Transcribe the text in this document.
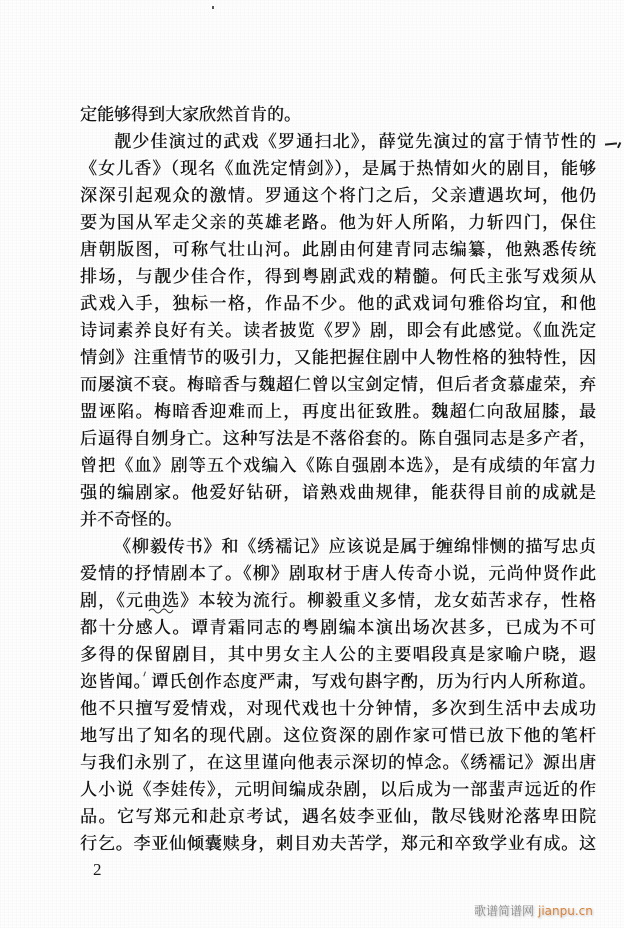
定能够得到大家欣然首肯的。
靓少佳演过的武戏《罗通扫北》，薛觉先演过的富于情节性的
《女儿香》（现名《血洗定情剑》），是属于热情如火的剧目，能够
深深引起观众的激情。罗通这个将门之后，父亲遭遇坎坷，他仍
要为国从军走父亲的英雄老路。他为奸人所陷，力斩四门，保住
唐朝版图，可称气壮山河。此剧由何建青同志编纂，他熟悉传统
排场，与靓少佳合作，得到粤剧武戏的精髓。何氏主张写戏须从
武戏入手，独标一格，作品不少。他的武戏词句雅俗均宜，和他
诗词素养良好有关。读者披览《罗》剧，即会有此感觉。《血洗定
情剑》注重情节的吸引力，又能把握住剧中人物性格的独特性，因
而屡演不衰。梅暗香与魏超仁曾以宝剑定情，但后者贪慕虚荣，弃
盟诬陷。梅暗香迎难而上，再度出征致胜。魏超仁向敌屈膝，最
后逼得自刎身亡。这种写法是不落俗套的。陈自强同志是多产者，
曾把《血》剧等五个戏编入《陈自强剧本选》，是有成绩的年富力
强的编剧家。他爱好钻研，谙熟戏曲规律，能获得目前的成就是
并不奇怪的。
《柳毅传书》和《绣襦记》应该说是属于缠绵悱恻的描写忠贞
爱情的抒情剧本了。《柳》剧取材于唐人传奇小说，元尚仲贤作此
剧，《元曲选》本较为流行。柳毅重义多情，龙女茹苦求存，性格
都十分感人。谭青霜同志的粤剧编本演出场次甚多，已成为不可
多得的保留剧目，其中男女主人公的主要唱段真是家喻户晓，遐
迩皆闻。谭氏创作态度严肃，写戏句斟字酌，历为行内人所称道。
他不只擅写爱情戏，对现代戏也十分钟情，多次到生活中去成功
地写出了知名的现代剧。这位资深的剧作家可惜已放下他的笔杆
与我们永别了，在这里谨向他表示深切的悼念。《绣襦记》源出唐
人小说《李娃传》，元明间编成杂剧，以后成为一部蜚声远近的作
品。它写郑元和赴京考试，遇名妓李亚仙，散尽钱财沦落卑田院
行乞。李亚仙倾囊赎身，刺目劝夫苦学，郑元和卒致学业有成。这
2
歌谱简谱网 jianpu.cn
